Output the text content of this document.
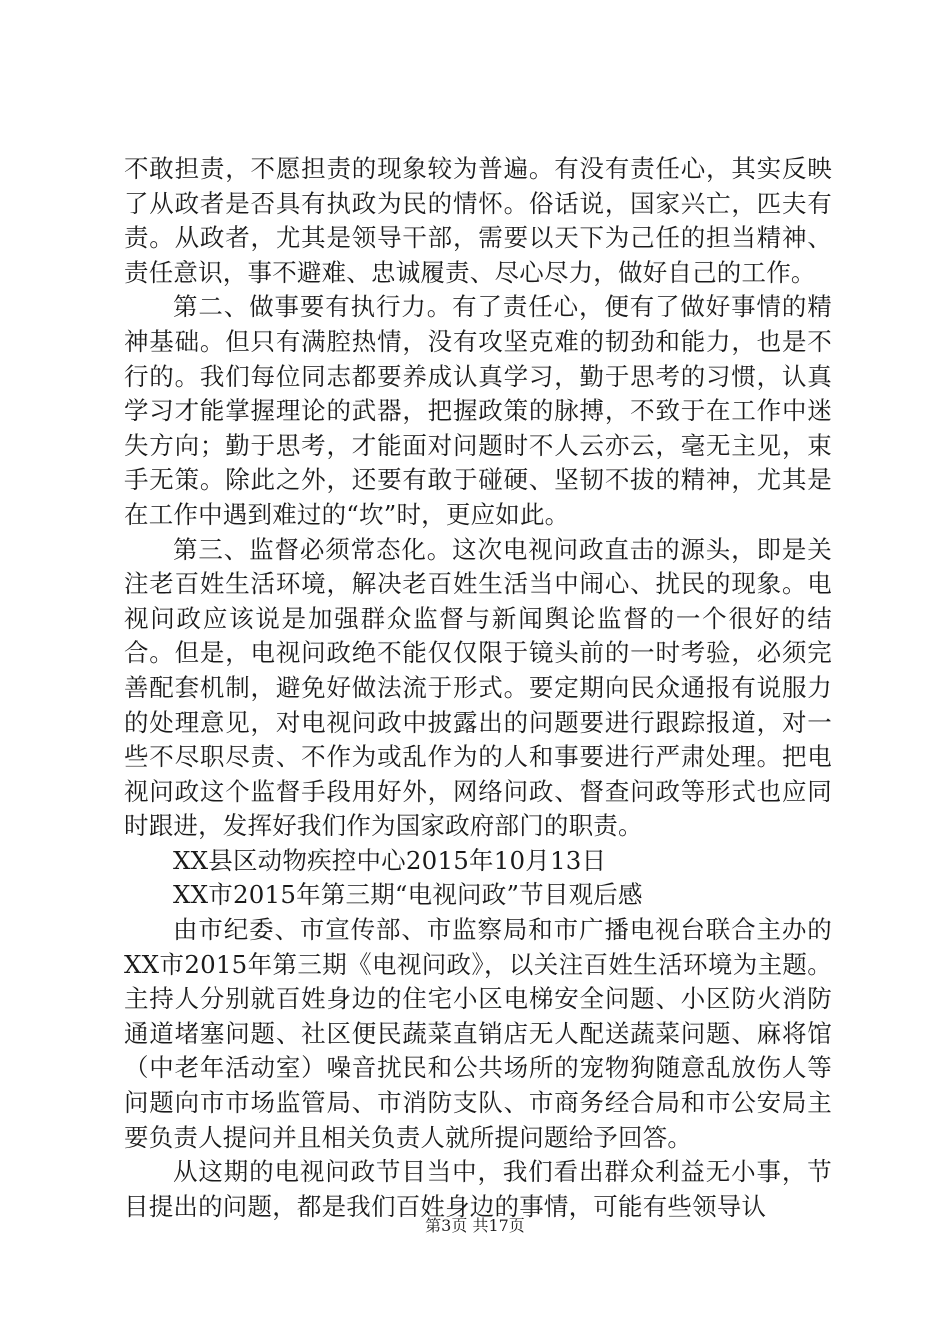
不敢担责，不愿担责的现象较为普遍。有没有责任心，其实反映了从政者是否具有执政为民的情怀。俗话说，国家兴亡，匹夫有责。从政者，尤其是领导干部，需要以天下为己任的担当精神、责任意识，事不避难、忠诚履责、尽心尽力，做好自己的工作。

第二、做事要有执行力。有了责任心，便有了做好事情的精神基础。但只有满腔热情，没有攻坚克难的韧劲和能力，也是不行的。我们每位同志都要养成认真学习，勤于思考的习惯，认真学习才能掌握理论的武器，把握政策的脉搏，不致于在工作中迷失方向；勤于思考，才能面对问题时不人云亦云，毫无主见，束手无策。除此之外，还要有敢于碰硬、坚韧不拔的精神，尤其是在工作中遇到难过的“坎”时，更应如此。

第三、监督必须常态化。这次电视问政直击的源头，即是关注老百姓生活环境，解决老百姓生活当中闹心、扰民的现象。电视问政应该说是加强群众监督与新闻舆论监督的一个很好的结合。但是，电视问政绝不能仅仅限于镜头前的一时考验，必须完善配套机制，避免好做法流于形式。要定期向民众通报有说服力的处理意见，对电视问政中披露出的问题要进行跟踪报道，对一些不尽职尽责、不作为或乱作为的人和事要进行严肃处理。把电视问政这个监督手段用好外，网络问政、督查问政等形式也应同时跟进，发挥好我们作为国家政府部门的职责。

XX县区动物疾控中心2015年10月13日

XX市2015年第三期“电视问政”节目观后感

由市纪委、市宣传部、市监察局和市广播电视台联合主办的XX市2015年第三期《电视问政》，以关注百姓生活环境为主题。主持人分别就百姓身边的住宅小区电梯安全问题、小区防火消防通道堵塞问题、社区便民蔬菜直销店无人配送蔬菜问题、麻将馆（中老年活动室）噪音扰民和公共场所的宠物狗随意乱放伤人等问题向市市场监管局、市消防支队、市商务经合局和市公安局主要负责人提问并且相关负责人就所提问题给予回答。

从这期的电视问政节目当中，我们看出群众利益无小事，节目提出的问题，都是我们百姓身边的事情，可能有些领导认

第3页 共17页
